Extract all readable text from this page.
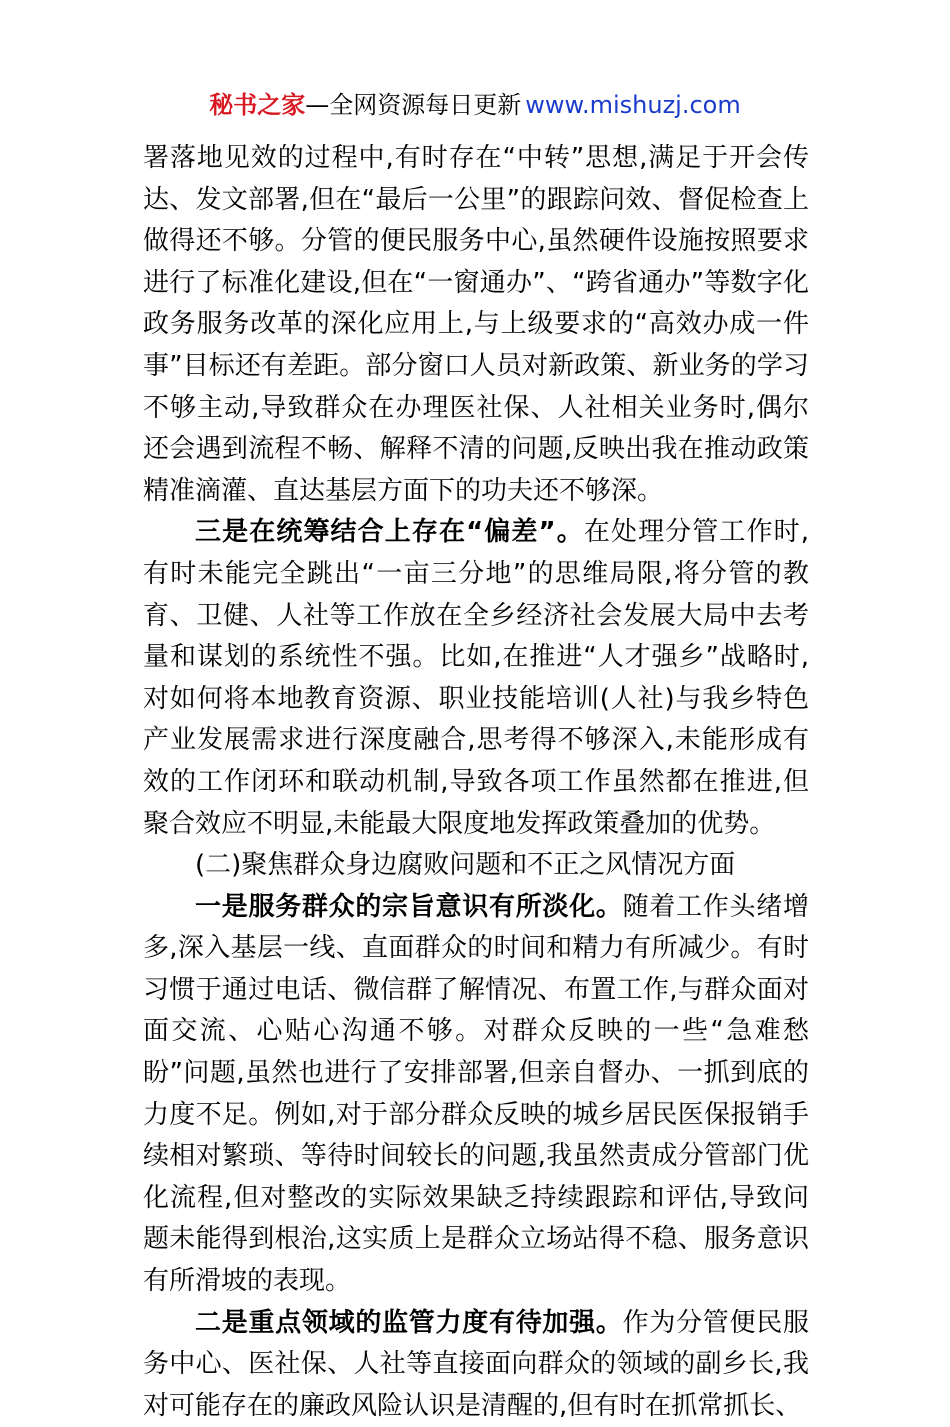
秘书之家—全网资源每日更新 www.mishuzj.com

署落地见效的过程中,有时存在“中转”思想,满足于开会传达、发文部署,但在“最后一公里”的跟踪问效、督促检查上做得还不够。分管的便民服务中心,虽然硬件设施按照要求进行了标准化建设,但在“一窗通办”、“跨省通办”等数字化政务服务改革的深化应用上,与上级要求的“高效办成一件事”目标还有差距。部分窗口人员对新政策、新业务的学习不够主动,导致群众在办理医社保、人社相关业务时,偶尔还会遇到流程不畅、解释不清的问题,反映出我在推动政策精准滴灌、直达基层方面下的功夫还不够深。

三是在统筹结合上存在“偏差”。在处理分管工作时,有时未能完全跳出“一亩三分地”的思维局限,将分管的教育、卫健、人社等工作放在全乡经济社会发展大局中去考量和谋划的系统性不强。比如,在推进“人才强乡”战略时,对如何将本地教育资源、职业技能培训(人社)与我乡特色产业发展需求进行深度融合,思考得不够深入,未能形成有效的工作闭环和联动机制,导致各项工作虽然都在推进,但聚合效应不明显,未能最大限度地发挥政策叠加的优势。

(二)聚焦群众身边腐败问题和不正之风情况方面

一是服务群众的宗旨意识有所淡化。随着工作头绪增多,深入基层一线、直面群众的时间和精力有所减少。有时习惯于通过电话、微信群了解情况、布置工作,与群众面对面交流、心贴心沟通不够。对群众反映的一些“急难愁盼”问题,虽然也进行了安排部署,但亲自督办、一抓到底的力度不足。例如,对于部分群众反映的城乡居民医保报销手续相对繁琐、等待时间较长的问题,我虽然责成分管部门优化流程,但对整改的实际效果缺乏持续跟踪和评估,导致问题未能得到根治,这实质上是群众立场站得不稳、服务意识有所滑坡的表现。

二是重点领域的监管力度有待加强。作为分管便民服务中心、医社保、人社等直接面向群众的领域的副乡长,我对可能存在的廉政风险认识是清醒的,但有时在抓常抓长、
